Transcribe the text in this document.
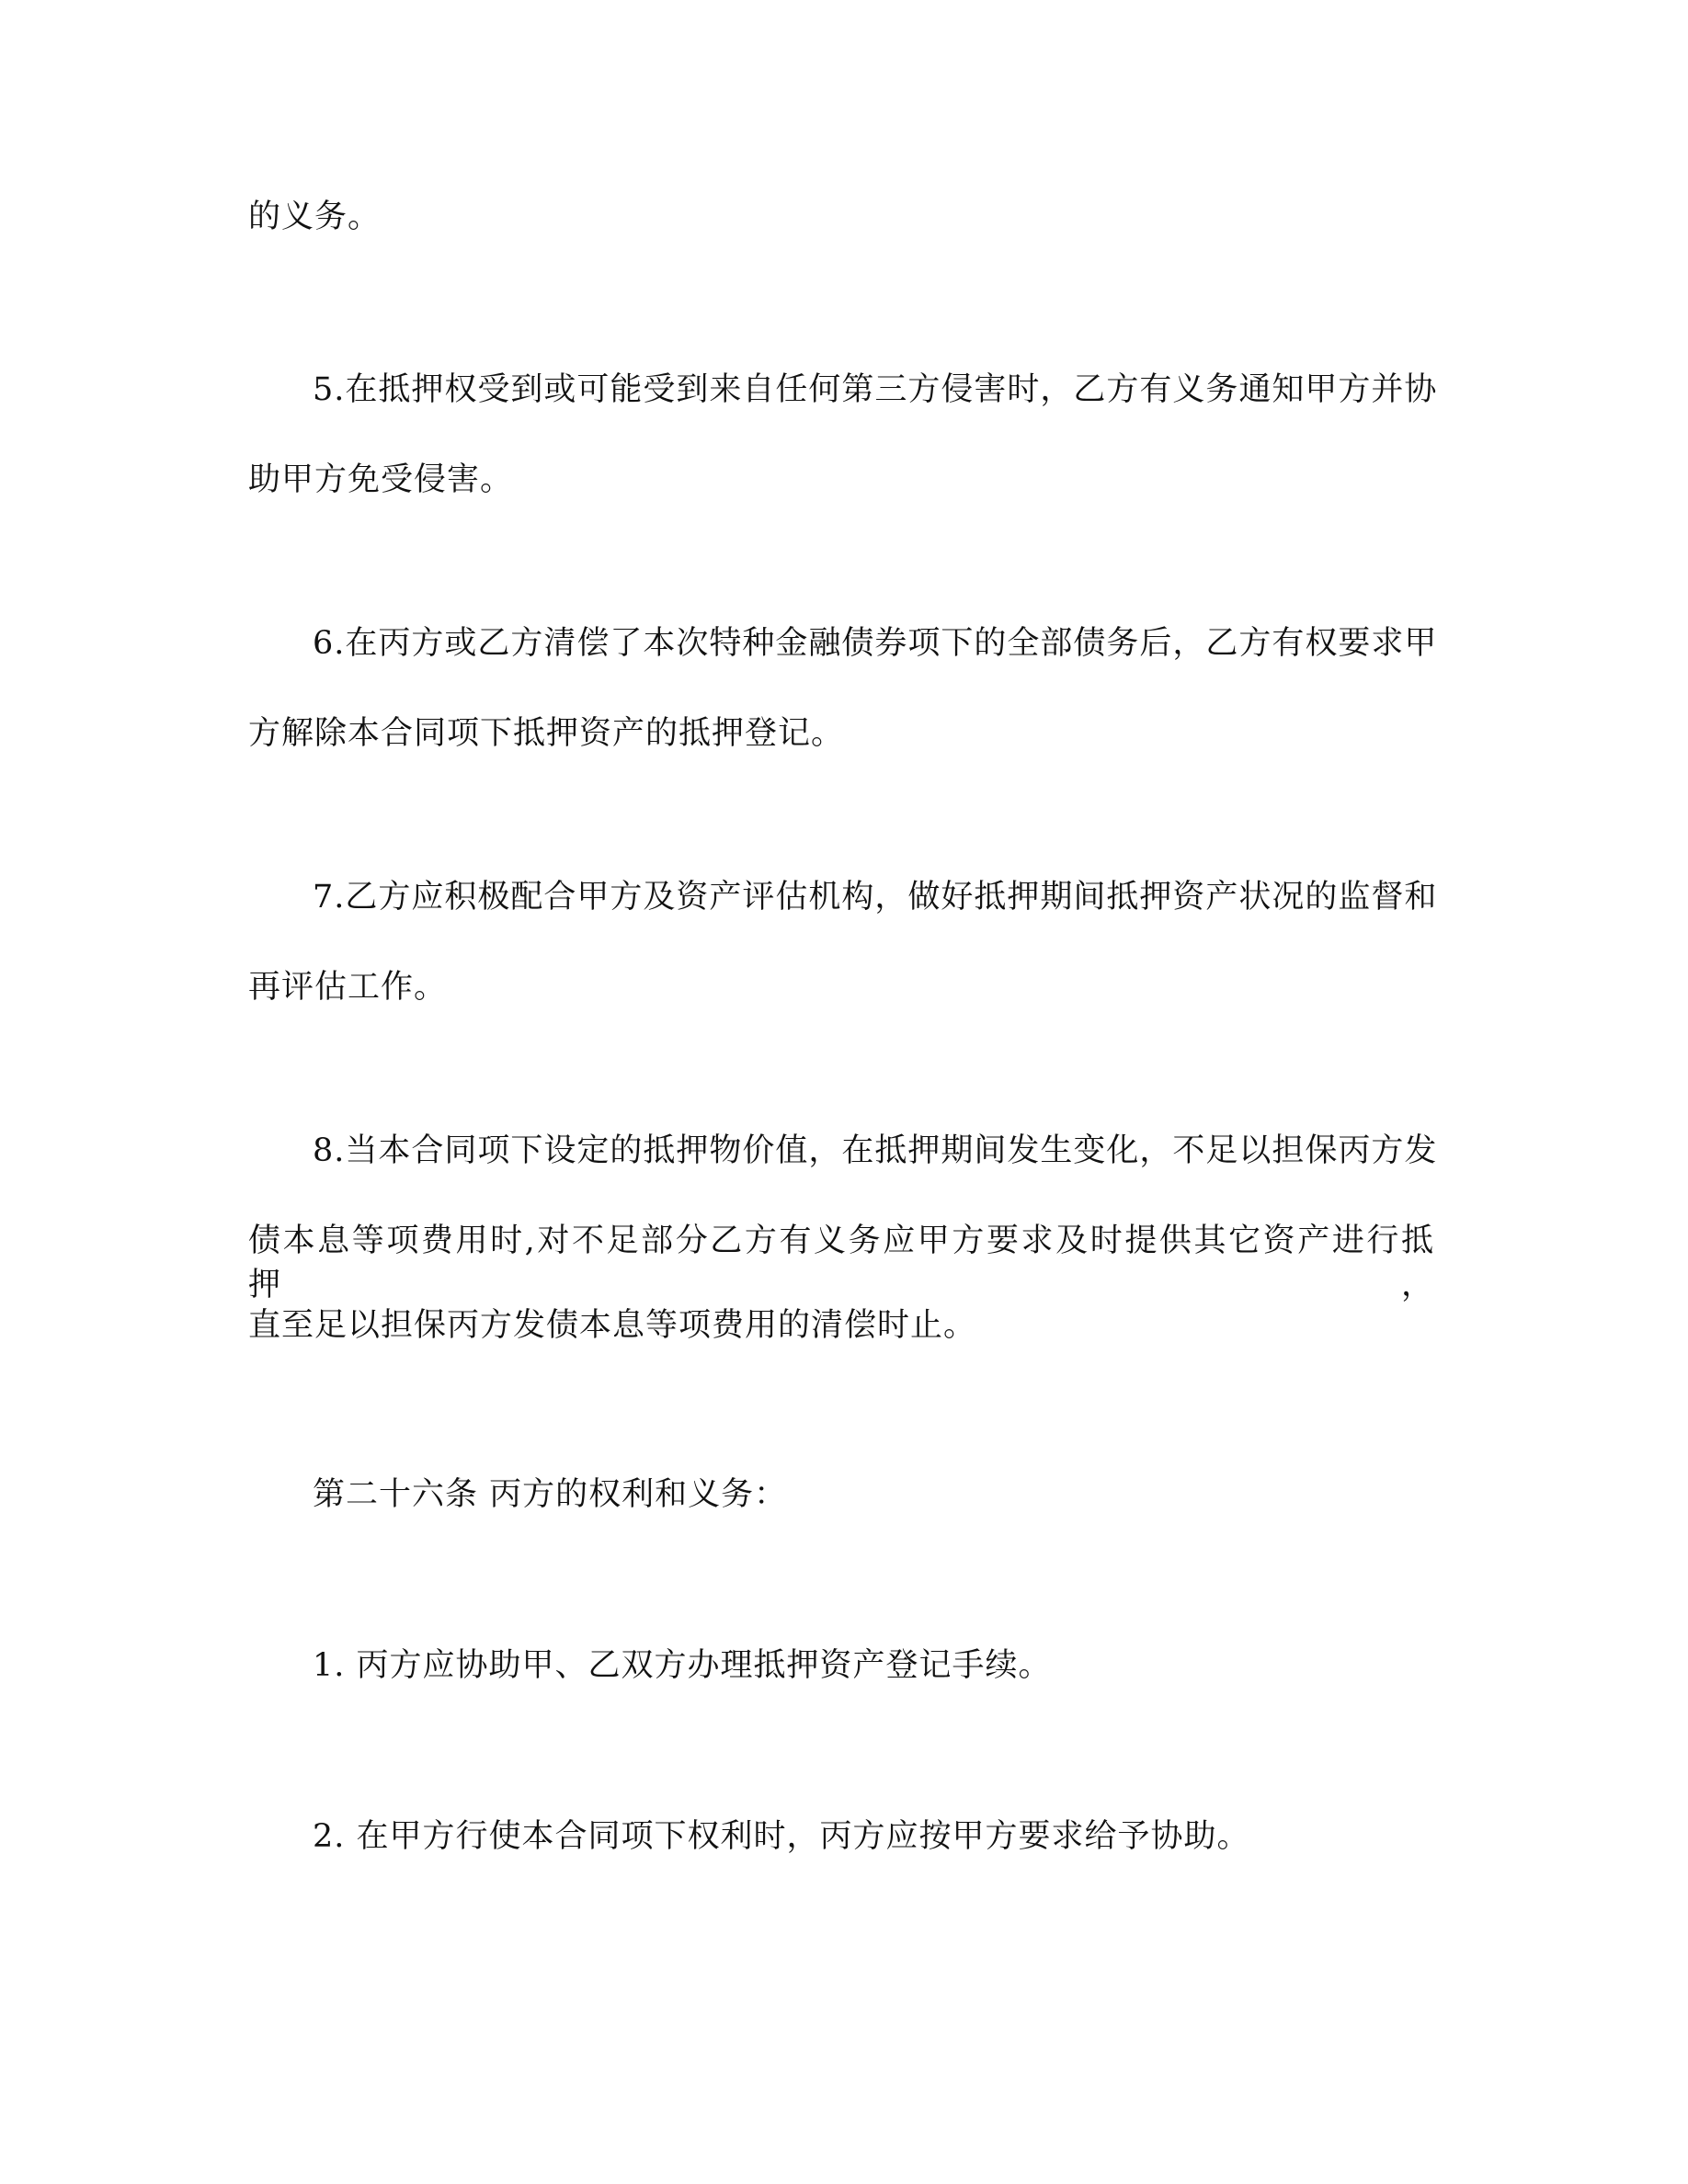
的义务。
5.在抵押权受到或可能受到来自任何第三方侵害时，乙方有义务通知甲方并协
助甲方免受侵害。
6.在丙方或乙方清偿了本次特种金融债券项下的全部债务后，乙方有权要求甲
方解除本合同项下抵押资产的抵押登记。
7.乙方应积极配合甲方及资产评估机构，做好抵押期间抵押资产状况的监督和
再评估工作。
8.当本合同项下设定的抵押物价值，在抵押期间发生变化，不足以担保丙方发
债本息等项费用时,对不足部分乙方有义务应甲方要求及时提供其它资产进行抵押，
直至足以担保丙方发债本息等项费用的清偿时止。
第二十六条 丙方的权利和义务：
1. 丙方应协助甲、乙双方办理抵押资产登记手续。
2. 在甲方行使本合同项下权利时，丙方应按甲方要求给予协助。
